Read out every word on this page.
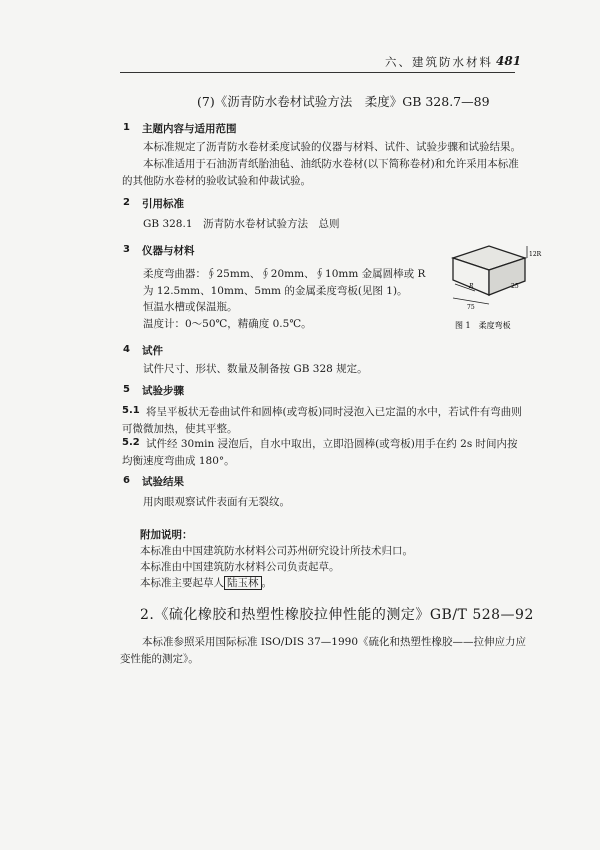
六、建筑防水材料 481
(7)《沥青防水卷材试验方法　柔度》GB 328.7—89
1 主题内容与适用范围
本标准规定了沥青防水卷材柔度试验的仪器与材料、试件、试验步骤和试验结果。
本标准适用于石油沥青纸胎油毡、油纸防水卷材(以下简称卷材)和允许采用本标准的其他防水卷材的验收试验和仲裁试验。
2 引用标准
GB 328.1　沥青防水卷材试验方法　总则
3 仪器与材料
柔度弯曲器：∮25mm、∮20mm、∮10mm 金属圆棒或 R 为 12.5mm、10mm、5mm 的金属柔度弯板(见图 1)。
恒温水槽或保温瓶。
温度计：0～50℃，精确度 0.5℃。
12R
R
75
25
图 1　柔度弯板
4 试件
试件尺寸、形状、数量及制备按 GB 328 规定。
5 试验步骤
5.1 将呈平板状无卷曲试件和圆棒(或弯板)同时浸泡入已定温的水中，若试件有弯曲则可微微加热，使其平整。
5.2 试件经 30min 浸泡后，自水中取出，立即沿圆棒(或弯板)用手在约 2s 时间内按均衡速度弯曲成 180°。
6 试验结果
用肉眼观察试件表面有无裂纹。
附加说明：
本标准由中国建筑防水材料公司苏州研究设计所技术归口。
本标准由中国建筑防水材料公司负责起草。
本标准主要起草人 陆玉林 。
2.《硫化橡胶和热塑性橡胶拉伸性能的测定》GB/T 528—92
本标准参照采用国际标准 ISO/DIS 37—1990《硫化和热塑性橡胶——拉伸应力应变性能的测定》。
